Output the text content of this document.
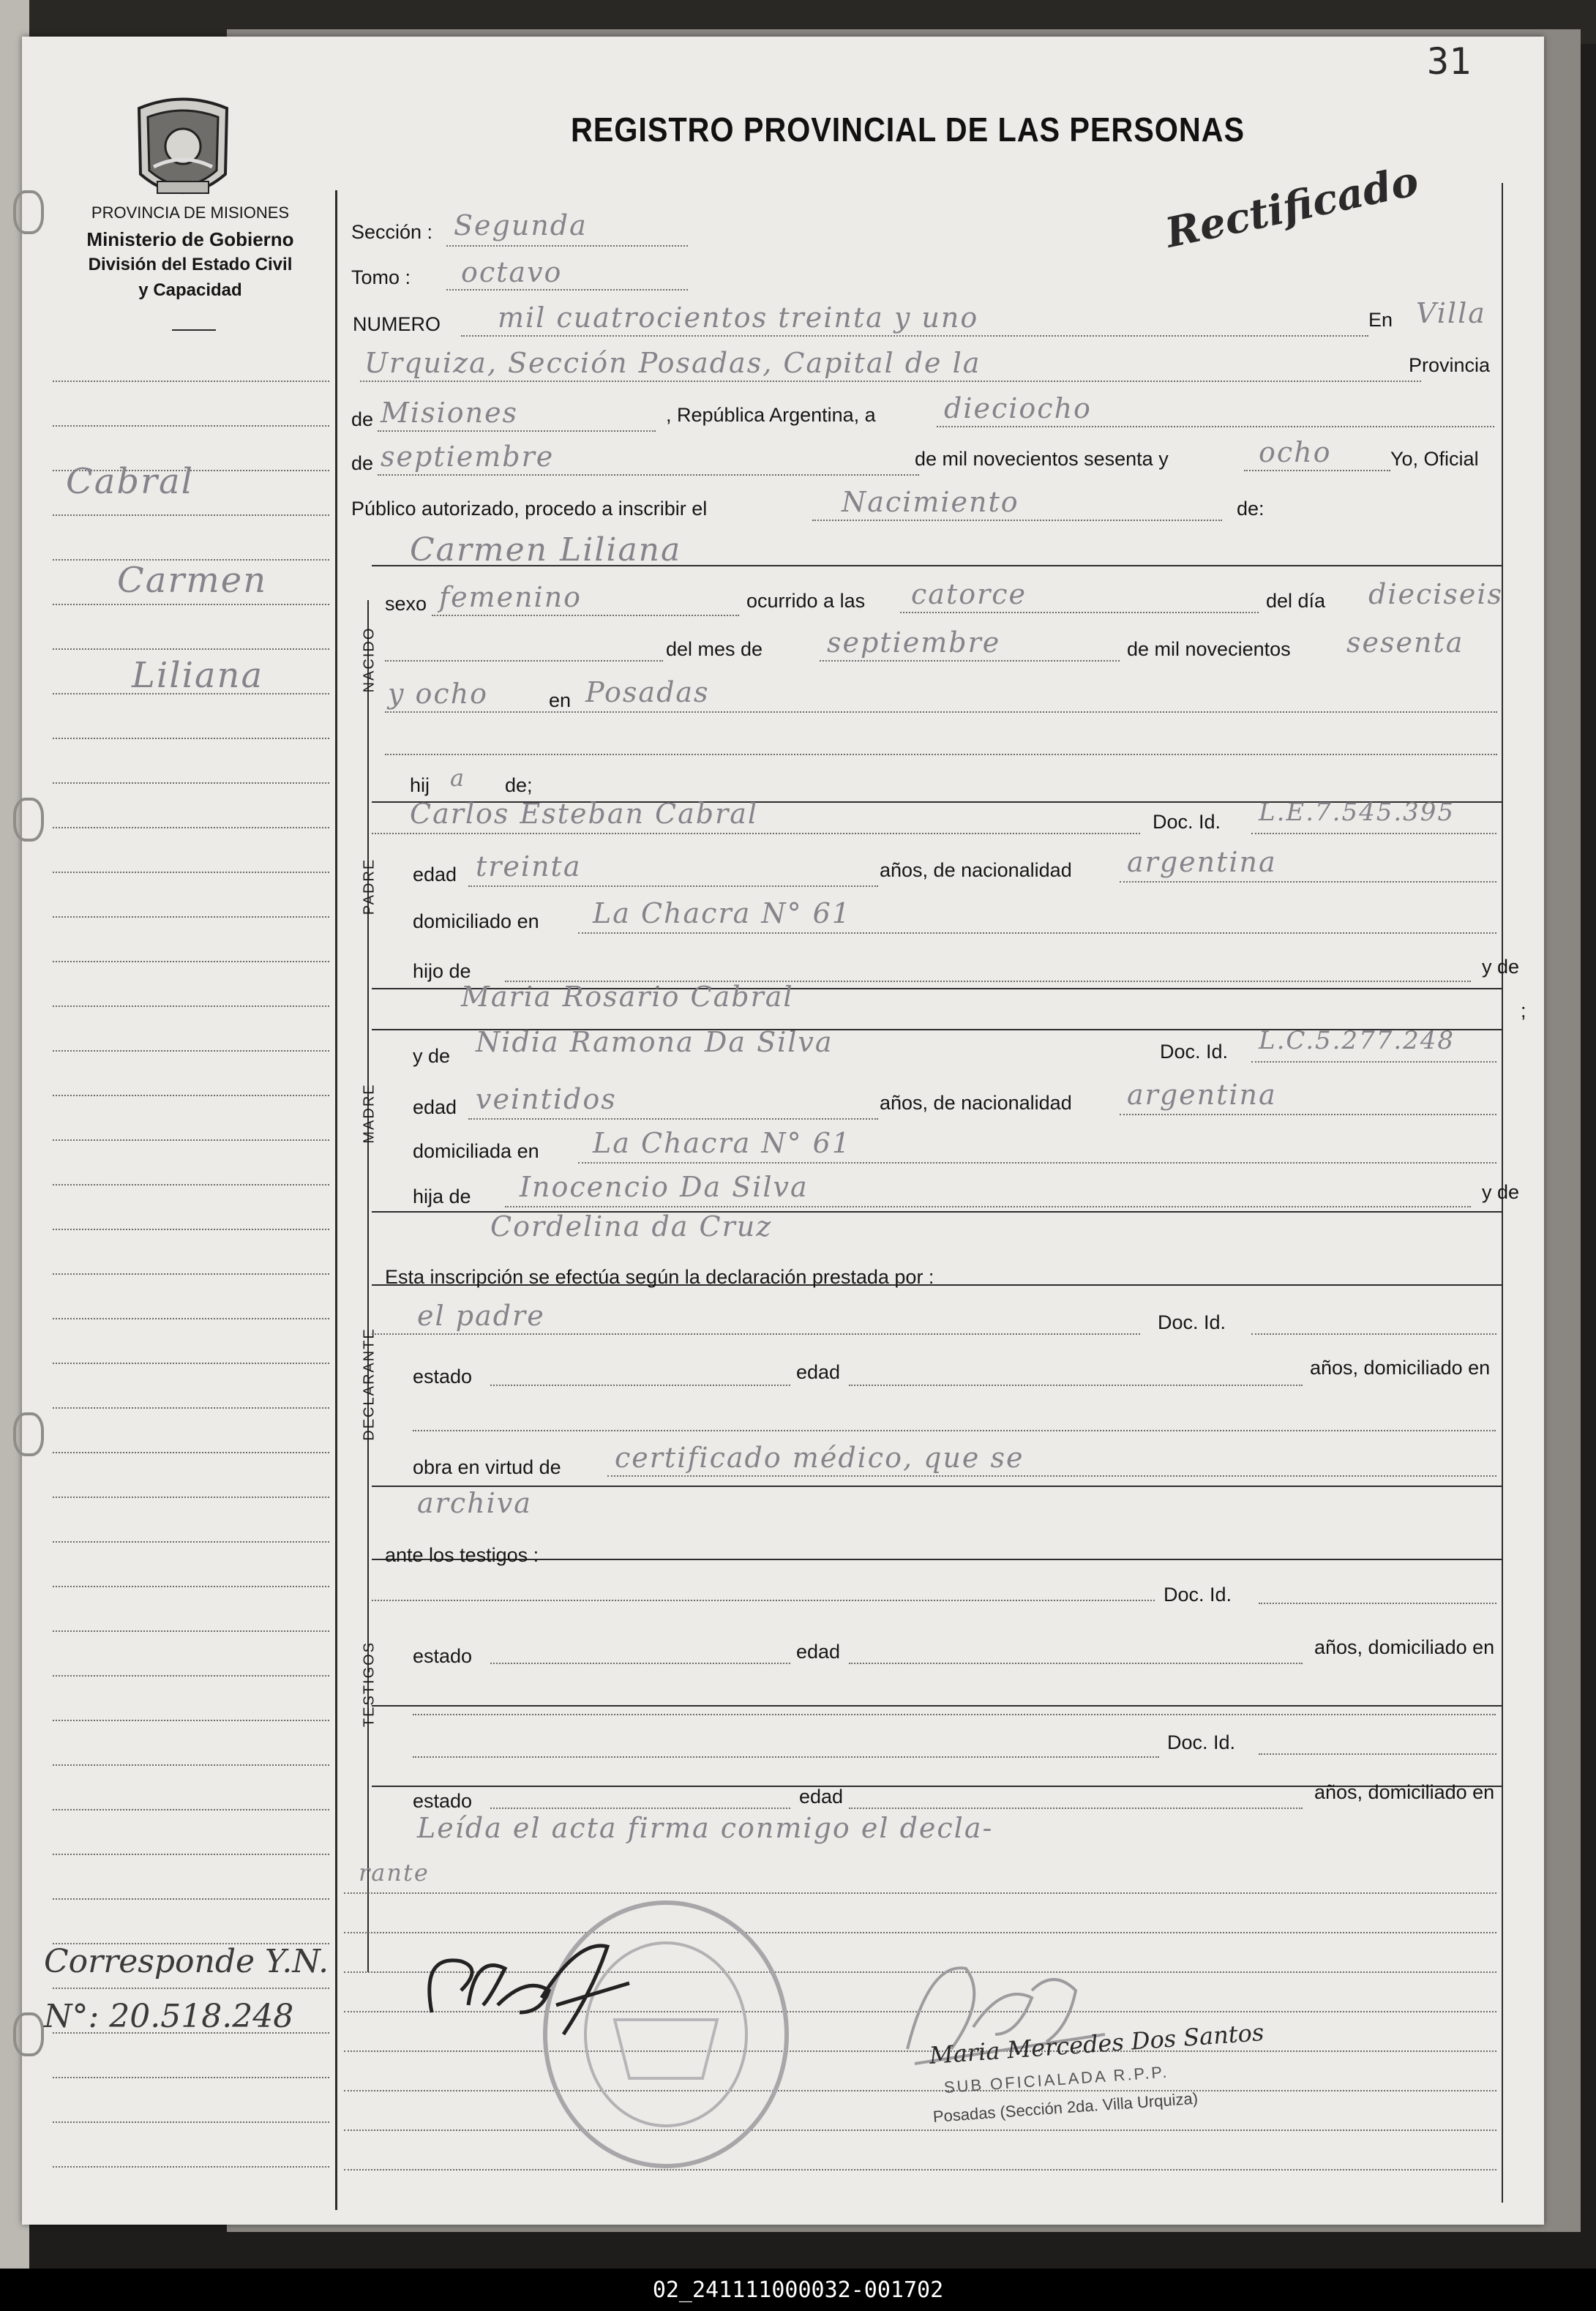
31
REGISTRO PROVINCIAL DE LAS PERSONAS
Rectificado
PROVINCIA DE MISIONES
Ministerio de Gobierno
División del Estado Civil
y Capacidad
Cabral
Carmen
Liliana
Corresponde Y.N.
N°: 20.518.248
NACIDO
PADRE
MADRE
DECLARANTE
TESTIGOS
Sección : Segunda
Tomo : octavo
NUMERO mil cuatrocientos treinta y uno	En Villa
Urquiza, Sección Posadas, Capital de la	Provincia
de Misiones	, República Argentina, a dieciocho
de septiembre	de mil novecientos sesenta y	ocho	Yo, Oficial
Público autorizado, procedo a inscribir el	Nacimiento	de:
Carmen Liliana
sexo femenino	ocurrido a las catorce	del día dieciseis
del mes de septiembre	de mil novecientos sesenta
y ocho	en Posadas
hij a de;
Carlos Esteban Cabral	Doc. Id. L.E.7.545.395
edad treinta	años, de nacionalidad argentina
domiciliado en La Chacra N° 61
hijo de	y de
Maria Rosario Cabral	;
y de Nidia Ramona Da Silva	Doc. Id. L.C.5.277.248
edad veintidos	años, de nacionalidad argentina
domiciliada en La Chacra N° 61
hija de Inocencio Da Silva	y de
Cordelina da Cruz
Esta inscripción se efectúa según la declaración prestada por :
el padre	Doc. Id.
estado	edad	años, domiciliado en
obra en virtud de certificado médico, que se
archiva
ante los testigos :
Doc. Id.
estado	edad	años, domiciliado en
Doc. Id.
estado	edad	años, domiciliado en
Leída el acta firma conmigo el decla-
rante
Maria Mercedes Dos Santos
SUB OFICIALADA R.P.P.
Posadas (Sección 2da. Villa Urquiza)
02_241111000032-001702
